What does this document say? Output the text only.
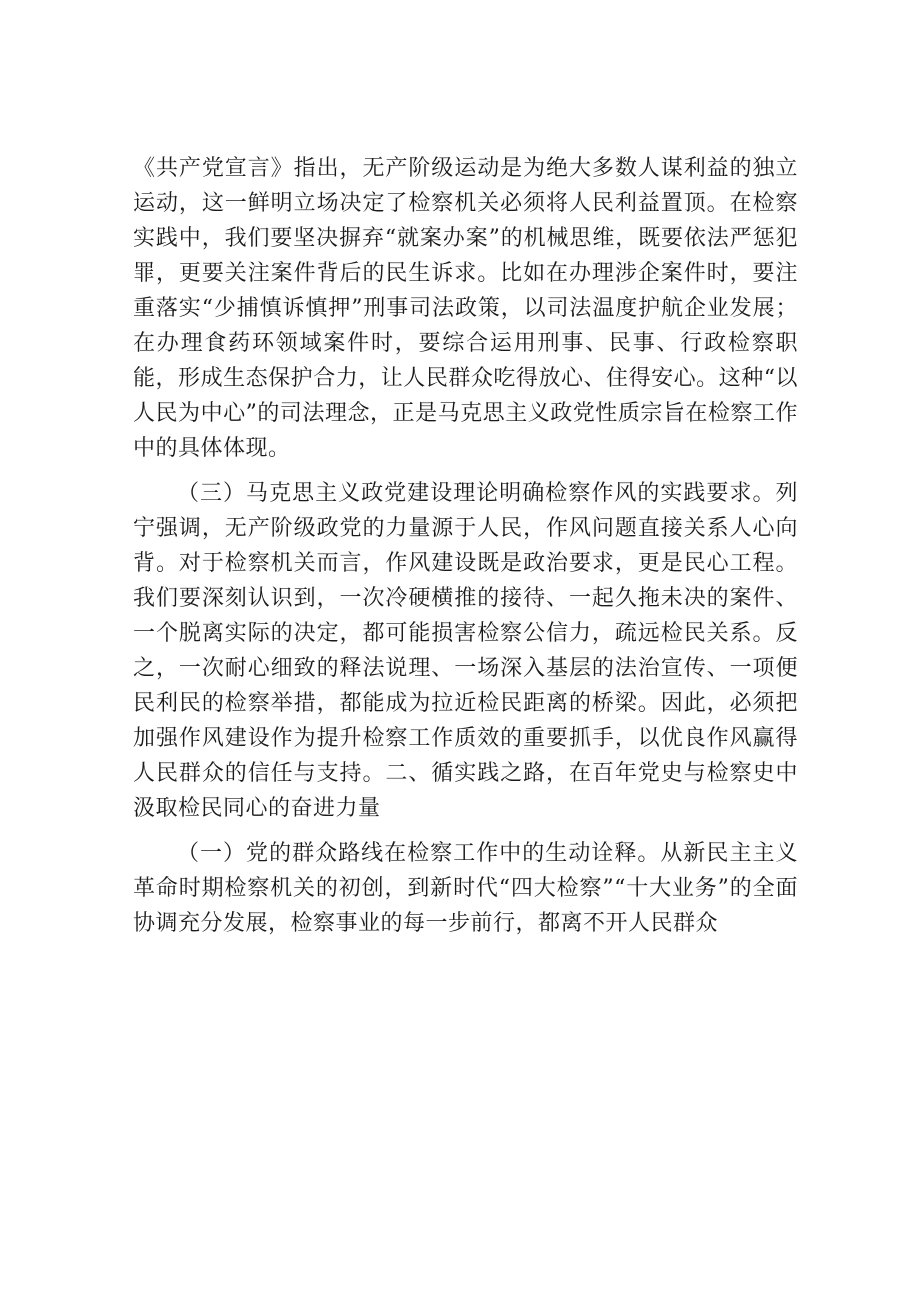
《共产党宣言》指出，无产阶级运动是为绝大多数人谋利益的独立运动，这一鲜明立场决定了检察机关必须将人民利益置顶。在检察实践中，我们要坚决摒弃“就案办案”的机械思维，既要依法严惩犯罪，更要关注案件背后的民生诉求。比如在办理涉企案件时，要注重落实“少捕慎诉慎押”刑事司法政策，以司法温度护航企业发展；在办理食药环领域案件时，要综合运用刑事、民事、行政检察职能，形成生态保护合力，让人民群众吃得放心、住得安心。这种“以人民为中心”的司法理念，正是马克思主义政党性质宗旨在检察工作中的具体体现。

（三）马克思主义政党建设理论明确检察作风的实践要求。列宁强调，无产阶级政党的力量源于人民，作风问题直接关系人心向背。对于检察机关而言，作风建设既是政治要求，更是民心工程。我们要深刻认识到，一次冷硬横推的接待、一起久拖未决的案件、一个脱离实际的决定，都可能损害检察公信力，疏远检民关系。反之，一次耐心细致的释法说理、一场深入基层的法治宣传、一项便民利民的检察举措，都能成为拉近检民距离的桥梁。因此，必须把加强作风建设作为提升检察工作质效的重要抓手，以优良作风赢得人民群众的信任与支持。二、循实践之路，在百年党史与检察史中汲取检民同心的奋进力量

（一）党的群众路线在检察工作中的生动诠释。从新民主主义革命时期检察机关的初创，到新时代“四大检察”“十大业务”的全面协调充分发展，检察事业的每一步前行，都离不开人民群众
